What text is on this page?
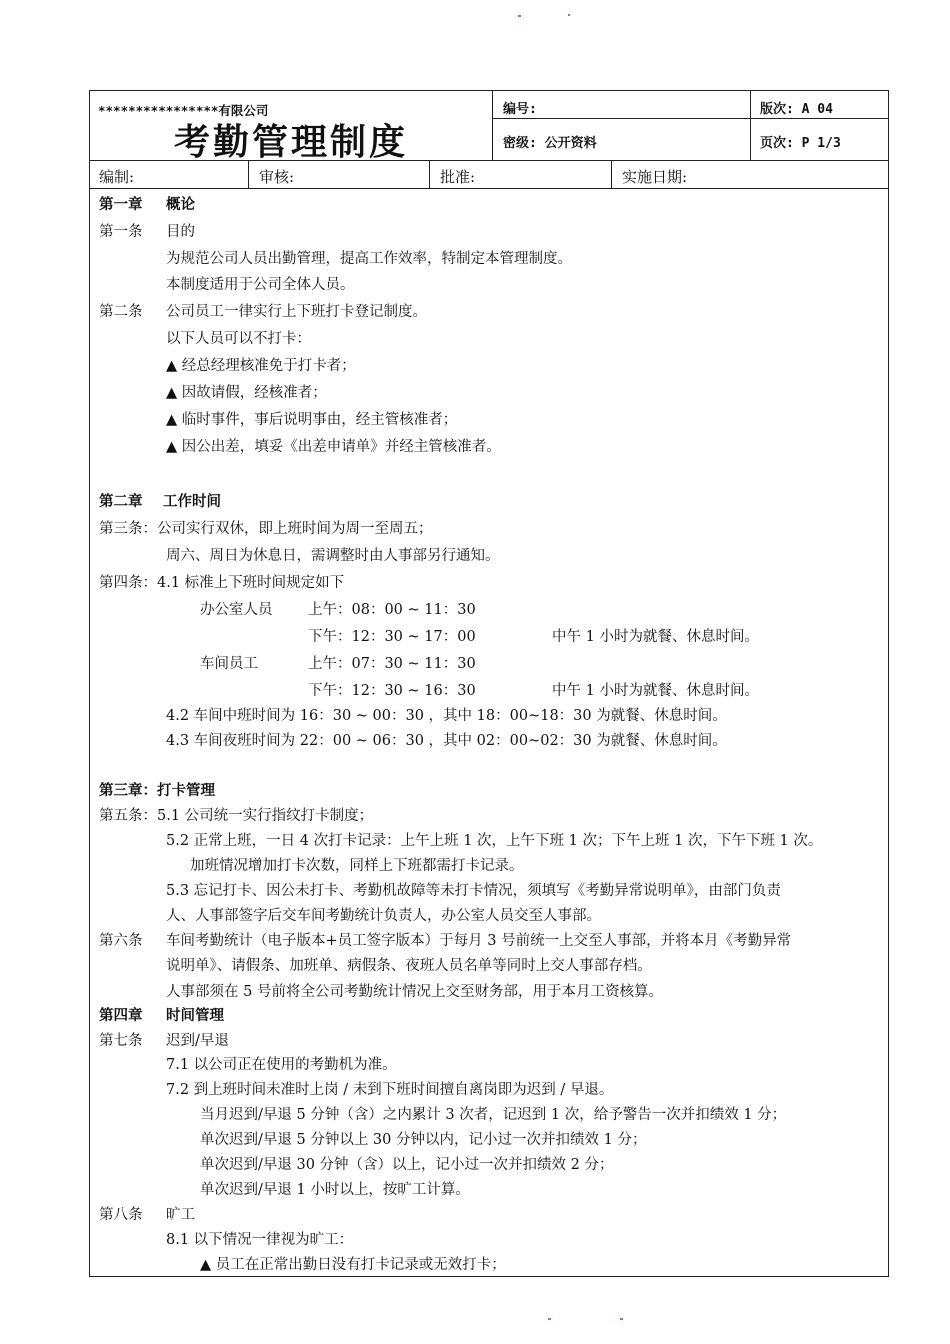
****************有限公司
考勤管理制度
编号:	版次: A 04
密级: 公开资料	页次: P 1/3
编制:	审核:	批准:	实施日期:
第一章 概论
第一条 目的
为规范公司人员出勤管理，提高工作效率，特制定本管理制度。
本制度适用于公司全体人员。
第二条 公司员工一律实行上下班打卡登记制度。
以下人员可以不打卡：
▲ 经总经理核准免于打卡者；
▲ 因故请假，经核准者；
▲ 临时事件，事后说明事由，经主管核准者；
▲ 因公出差，填妥《出差申请单》并经主管核准者。
第二章 工作时间
第三条：公司实行双休，即上班时间为周一至周五；
周六、周日为休息日，需调整时由人事部另行通知。
第四条：4.1 标准上下班时间规定如下
办公室人员 上午：08：00 ~ 11：30
下午：12：30 ~ 17：00	中午 1 小时为就餐、休息时间。
车间员工	上午：07：30 ~ 11：30
下午：12：30 ~ 16：30	中午 1 小时为就餐、休息时间。
4.2 车间中班时间为 16：30 ~ 00：30 ，其中 18：00~18：30 为就餐、休息时间。
4.3 车间夜班时间为 22：00 ~ 06：30 ，其中 02：00~02：30 为就餐、休息时间。
第三章：打卡管理
第五条：5.1 公司统一实行指纹打卡制度；
5.2 正常上班，一日 4 次打卡记录：上午上班 1 次，上午下班 1 次；下午上班 1 次，下午下班 1 次。
加班情况增加打卡次数，同样上下班都需打卡记录。
5.3 忘记打卡、因公未打卡、考勤机故障等未打卡情况，须填写《考勤异常说明单》，由部门负责
人、人事部签字后交车间考勤统计负责人，办公室人员交至人事部。
第六条 车间考勤统计（电子版本+员工签字版本）于每月 3 号前统一上交至人事部，并将本月《考勤异常
说明单》、请假条、加班单、病假条、夜班人员名单等同时上交人事部存档。
人事部须在 5 号前将全公司考勤统计情况上交至财务部，用于本月工资核算。
第四章 时间管理
第七条 迟到/早退
7.1 以公司正在使用的考勤机为准。
7.2 到上班时间未准时上岗 / 未到下班时间擅自离岗即为迟到 / 早退。
当月迟到/早退 5 分钟（含）之内累计 3 次者，记迟到 1 次，给予警告一次并扣绩效 1 分；
单次迟到/早退 5 分钟以上 30 分钟以内，记小过一次并扣绩效 1 分；
单次迟到/早退 30 分钟（含）以上，记小过一次并扣绩效 2 分；
单次迟到/早退 1 小时以上，按旷工计算。
第八条 旷工
8.1 以下情况一律视为旷工：
▲ 员工在正常出勤日没有打卡记录或无效打卡；
